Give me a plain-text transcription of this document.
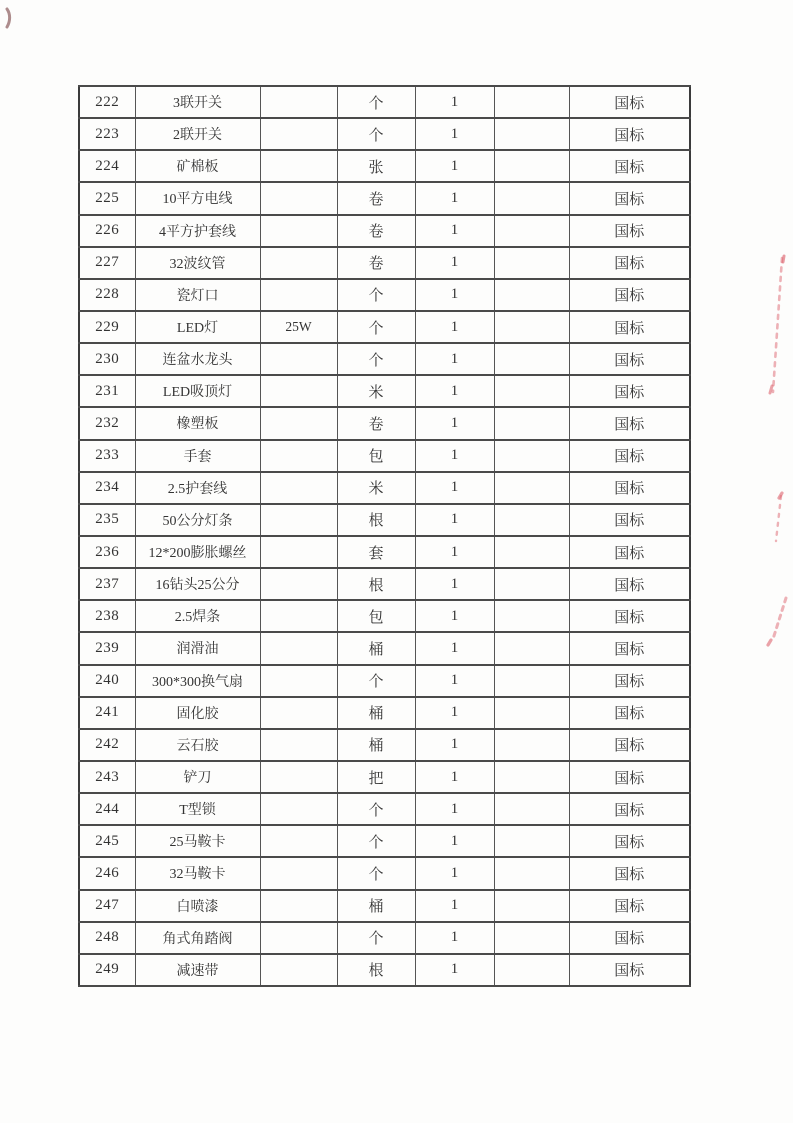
222	3联开关		个	1		国标
223	2联开关		个	1		国标
224	矿棉板		张	1		国标
225	10平方电线		卷	1		国标
226	4平方护套线		卷	1		国标
227	32波纹管		卷	1		国标
228	瓷灯口		个	1		国标
229	LED灯	25W	个	1		国标
230	连盆水龙头		个	1		国标
231	LED吸顶灯		米	1		国标
232	橡塑板		卷	1		国标
233	手套		包	1		国标
234	2.5护套线		米	1		国标
235	50公分灯条		根	1		国标
236	12*200膨胀螺丝		套	1		国标
237	16钻头25公分		根	1		国标
238	2.5焊条		包	1		国标
239	润滑油		桶	1		国标
240	300*300换气扇		个	1		国标
241	固化胶		桶	1		国标
242	云石胶		桶	1		国标
243	铲刀		把	1		国标
244	T型锁		个	1		国标
245	25马鞍卡		个	1		国标
246	32马鞍卡		个	1		国标
247	白喷漆		桶	1		国标
248	角式角踏阀		个	1		国标
249	减速带		根	1		国标
